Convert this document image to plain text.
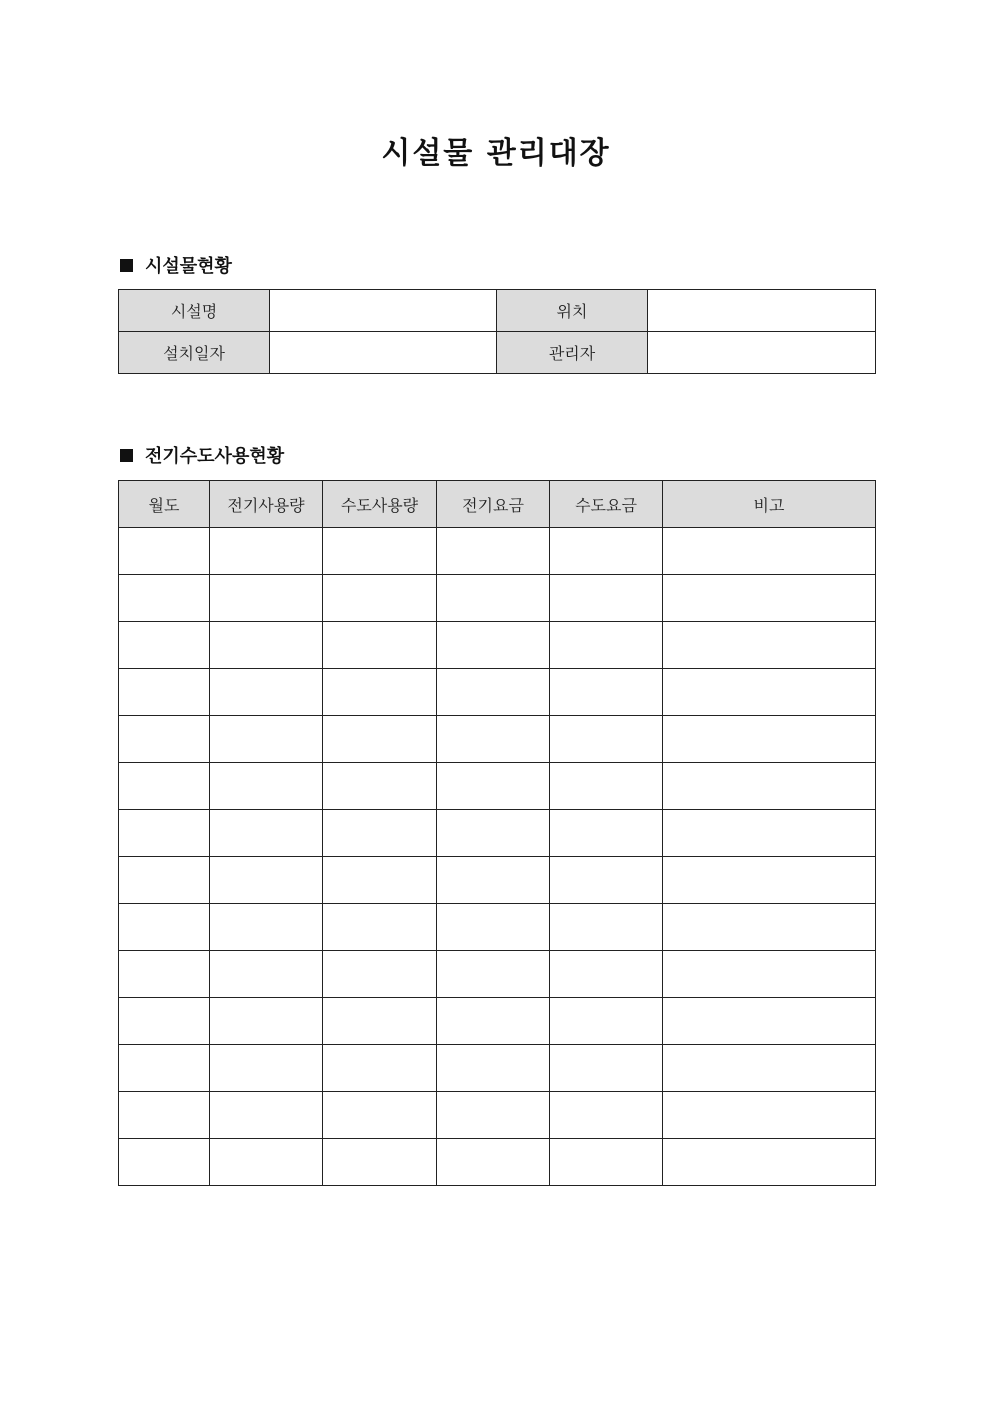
시설물 관리대장
시설물현황
시설명		위치	
설치일자		관리자	
전기수도사용현황
월도	전기사용량	수도사용량	전기요금	수도요금	비고
